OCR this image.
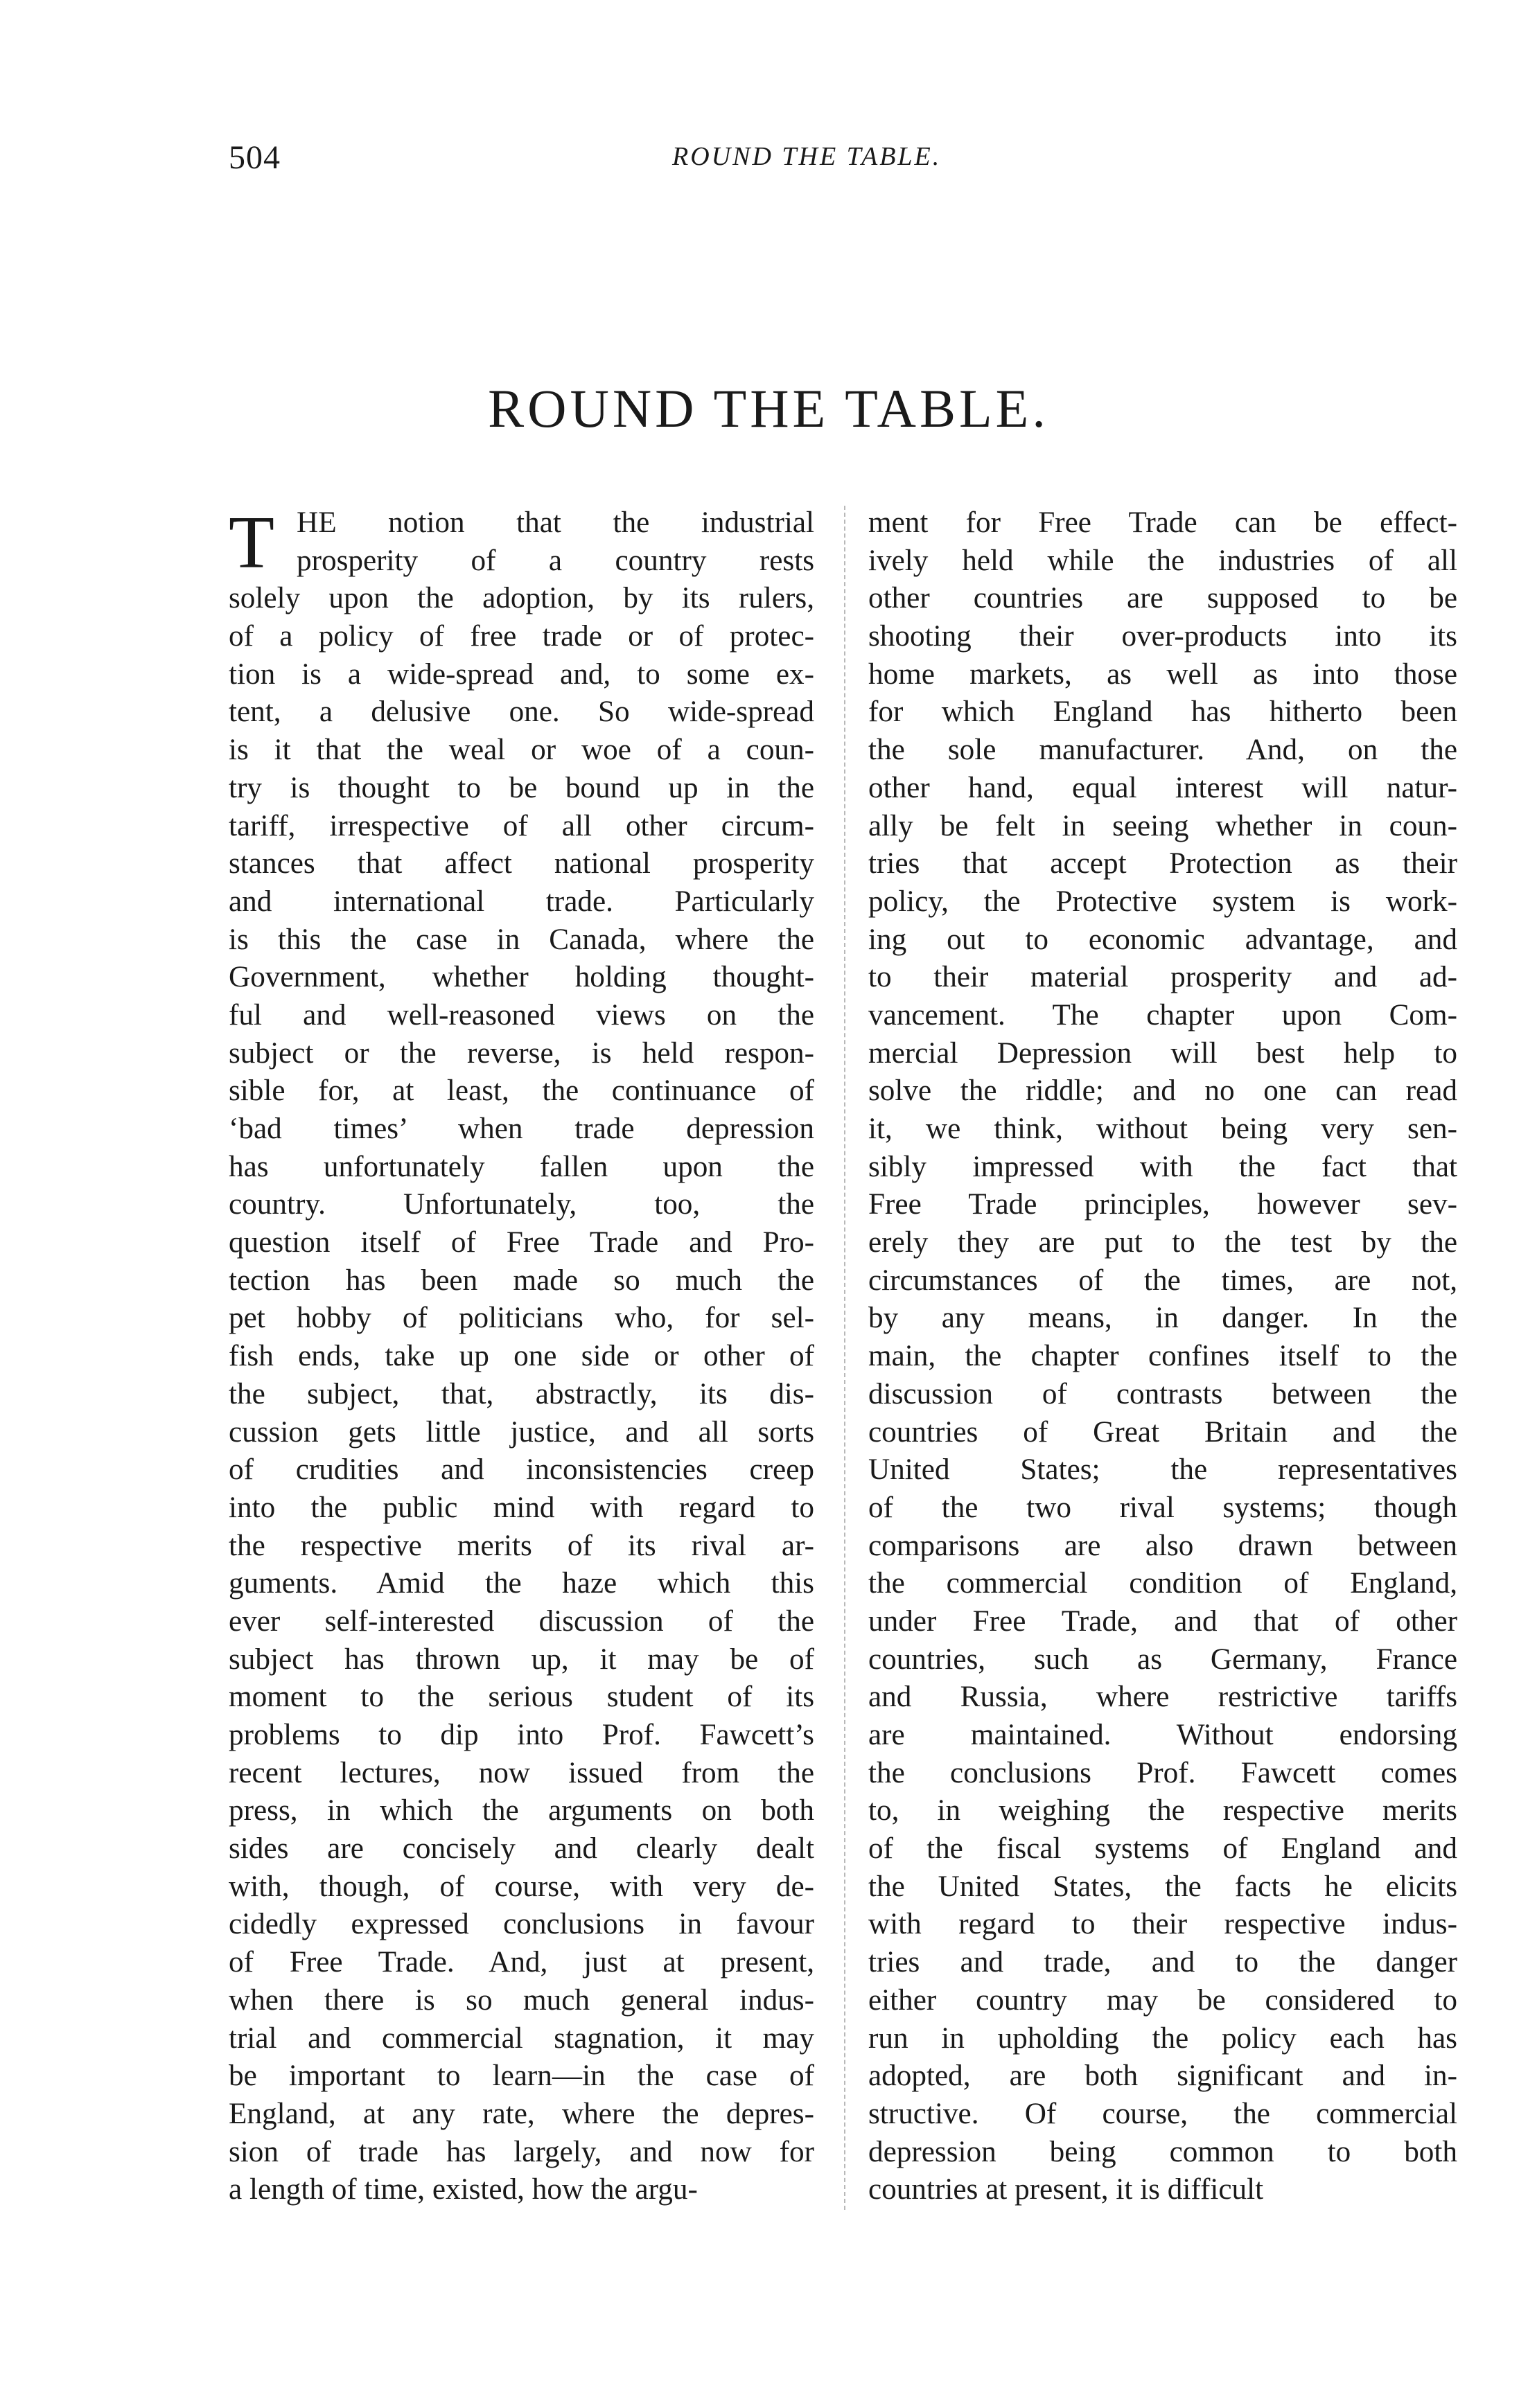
504	ROUND THE TABLE.
ROUND THE TABLE.
T HE notion that the industrial
prosperity of a country rests
solely upon the adoption, by its rulers,
of a policy of free trade or of protec-
tion is a wide-spread and, to some ex-
tent, a delusive one. So wide-spread
is it that the weal or woe of a coun-
try is thought to be bound up in the
tariff, irrespective of all other circum-
stances that affect national prosperity
and international trade. Particularly
is this the case in Canada, where the
Government, whether holding thought-
ful and well-reasoned views on the
subject or the reverse, is held respon-
sible for, at least, the continuance of
‘bad times’ when trade depression
has unfortunately fallen upon the
country. Unfortunately, too, the
question itself of Free Trade and Pro-
tection has been made so much the
pet hobby of politicians who, for sel-
fish ends, take up one side or other of
the subject, that, abstractly, its dis-
cussion gets little justice, and all sorts
of crudities and inconsistencies creep
into the public mind with regard to
the respective merits of its rival ar-
guments. Amid the haze which this
ever self-interested discussion of the
subject has thrown up, it may be of
moment to the serious student of its
problems to dip into Prof. Fawcett’s
recent lectures, now issued from the
press, in which the arguments on both
sides are concisely and clearly dealt
with, though, of course, with very de-
cidedly expressed conclusions in favour
of Free Trade. And, just at present,
when there is so much general indus-
trial and commercial stagnation, it may
be important to learn—in the case of
England, at any rate, where the depres-
sion of trade has largely, and now for
a length of time, existed, how the argu-
ment for Free Trade can be effect-
ively held while the industries of all
other countries are supposed to be
shooting their over-products into its
home markets, as well as into those
for which England has hitherto been
the sole manufacturer. And, on the
other hand, equal interest will natur-
ally be felt in seeing whether in coun-
tries that accept Protection as their
policy, the Protective system is work-
ing out to economic advantage, and
to their material prosperity and ad-
vancement. The chapter upon Com-
mercial Depression will best help to
solve the riddle; and no one can read
it, we think, without being very sen-
sibly impressed with the fact that
Free Trade principles, however sev-
erely they are put to the test by the
circumstances of the times, are not,
by any means, in danger. In the
main, the chapter confines itself to the
discussion of contrasts between the
countries of Great Britain and the
United States; the representatives
of the two rival systems; though
comparisons are also drawn between
the commercial condition of England,
under Free Trade, and that of other
countries, such as Germany, France
and Russia, where restrictive tariffs
are maintained. Without endorsing
the conclusions Prof. Fawcett comes
to, in weighing the respective merits
of the fiscal systems of England and
the United States, the facts he elicits
with regard to their respective indus-
tries and trade, and to the danger
either country may be considered to
run in upholding the policy each has
adopted, are both significant and in-
structive. Of course, the commercial
depression being common to both
countries at present, it is difficult
